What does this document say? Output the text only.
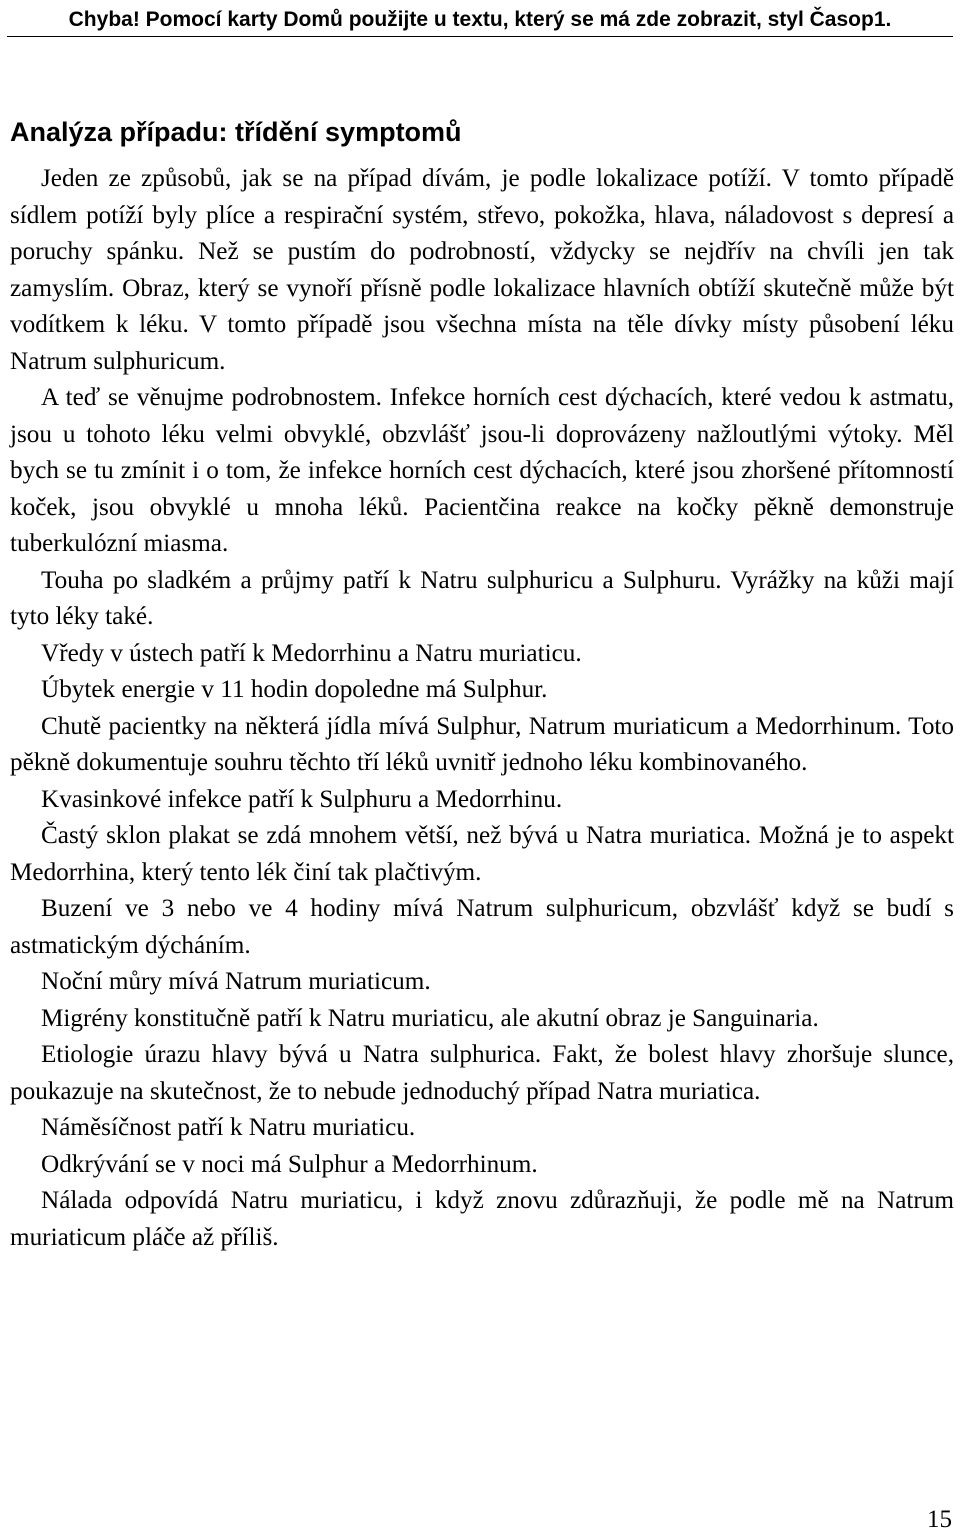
Chyba! Pomocí karty Domů použijte u textu, který se má zde zobrazit, styl Časop1.
Analýza případu: třídění symptomů

Jeden ze způsobů, jak se na případ dívám, je podle lokalizace potíží. V tomto případě sídlem potíží byly plíce a respirační systém, střevo, pokožka, hlava, náladovost s depresí a poruchy spánku. Než se pustím do podrobností, vždycky se nejdřív na chvíli jen tak zamyslím. Obraz, který se vynoří přísně podle lokalizace hlavních obtíží skutečně může být vodítkem k léku. V tomto případě jsou všechna místa na těle dívky místy působení léku Natrum sulphuricum.

A teď se věnujme podrobnostem. Infekce horních cest dýchacích, které vedou k astmatu, jsou u tohoto léku velmi obvyklé, obzvlášť jsou-li doprovázeny nažloutlými výtoky. Měl bych se tu zmínit i o tom, že infekce horních cest dýchacích, které jsou zhoršené přítomností koček, jsou obvyklé u mnoha léků. Pacientčina reakce na kočky pěkně demonstruje tuberkulózní miasma.

Touha po sladkém a průjmy patří k Natru sulphuricu a Sulphuru. Vyrážky na kůži mají tyto léky také.

Vředy v ústech patří k Medorrhinu a Natru muriaticu.

Úbytek energie v 11 hodin dopoledne má Sulphur.

Chutě pacientky na některá jídla mívá Sulphur, Natrum muriaticum a Medorrhinum. Toto pěkně dokumentuje souhru těchto tří léků uvnitř jednoho léku kombinovaného.

Kvasinkové infekce patří k Sulphuru a Medorrhinu.

Častý sklon plakat se zdá mnohem větší, než bývá u Natra muriatica. Možná je to aspekt Medorrhina, který tento lék činí tak plačtivým.

Buzení ve 3 nebo ve 4 hodiny mívá Natrum sulphuricum, obzvlášť když se budí s astmatickým dýcháním.

Noční můry mívá Natrum muriaticum.

Migrény konstitučně patří k Natru muriaticu, ale akutní obraz je Sanguinaria.

Etiologie úrazu hlavy bývá u Natra sulphurica. Fakt, že bolest hlavy zhoršuje slunce, poukazuje na skutečnost, že to nebude jednoduchý případ Natra muriatica.

Náměsíčnost patří k Natru muriaticu.

Odkrývání se v noci má Sulphur a Medorrhinum.

Nálada odpovídá Natru muriaticu, i když znovu zdůrazňuji, že podle mě na Natrum muriaticum pláče až příliš.

15
